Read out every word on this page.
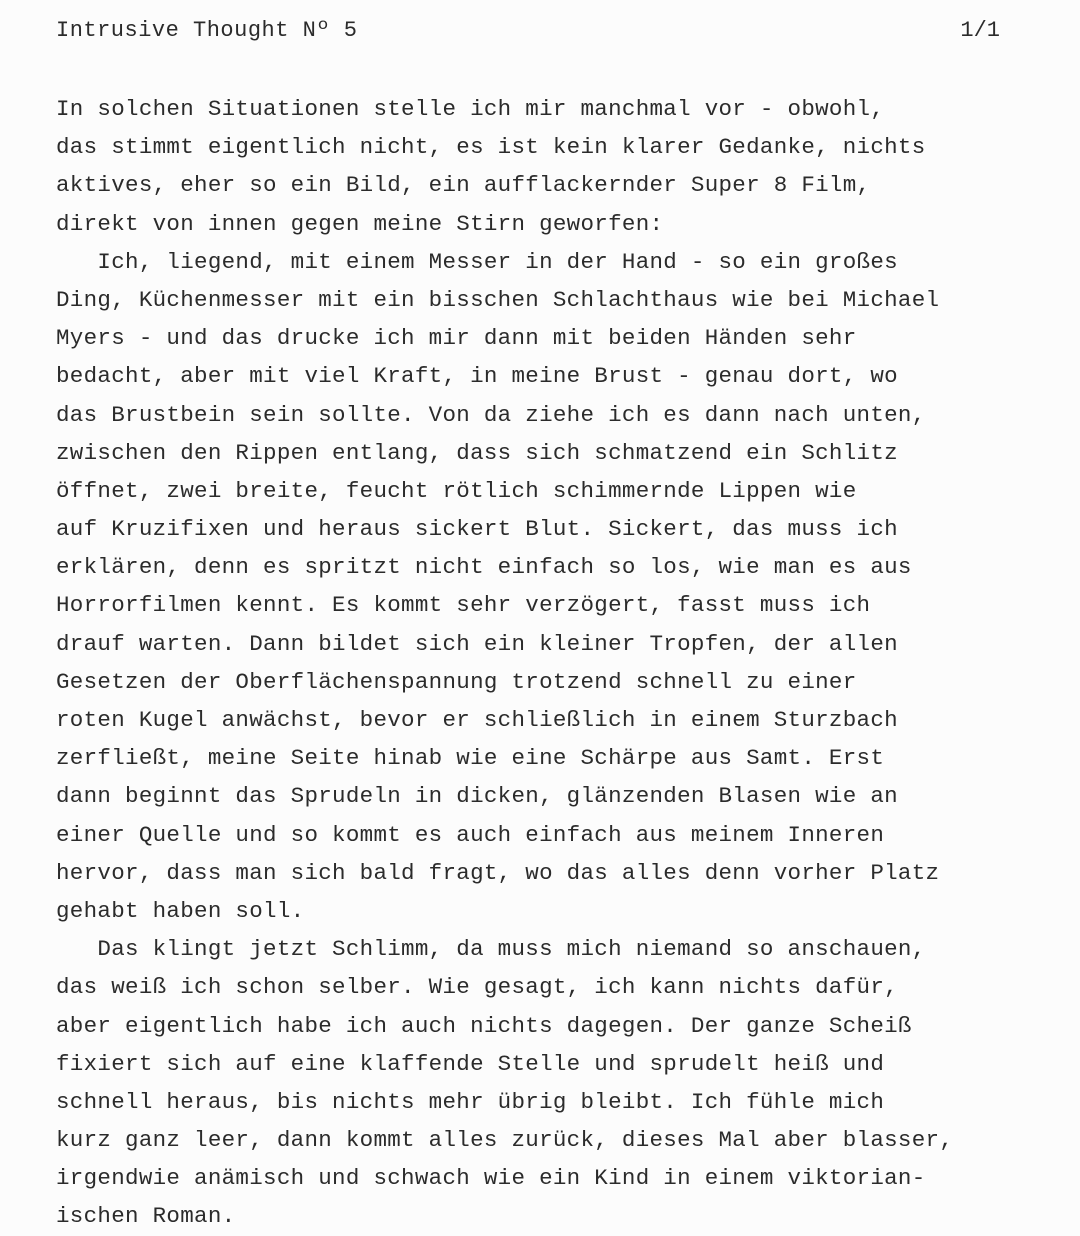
Intrusive Thought Nº 5	1/1
In solchen Situationen stelle ich mir manchmal vor - obwohl,
das stimmt eigentlich nicht, es ist kein klarer Gedanke, nichts
aktives, eher so ein Bild, ein aufflackernder Super 8 Film,
direkt von innen gegen meine Stirn geworfen:
Ich, liegend, mit einem Messer in der Hand - so ein großes
Ding, Küchenmesser mit ein bisschen Schlachthaus wie bei Michael
Myers - und das drucke ich mir dann mit beiden Händen sehr
bedacht, aber mit viel Kraft, in meine Brust - genau dort, wo
das Brustbein sein sollte. Von da ziehe ich es dann nach unten,
zwischen den Rippen entlang, dass sich schmatzend ein Schlitz
öffnet, zwei breite, feucht rötlich schimmernde Lippen wie
auf Kruzifixen und heraus sickert Blut. Sickert, das muss ich
erklären, denn es spritzt nicht einfach so los, wie man es aus
Horrorfilmen kennt. Es kommt sehr verzögert, fasst muss ich
drauf warten. Dann bildet sich ein kleiner Tropfen, der allen
Gesetzen der Oberflächenspannung trotzend schnell zu einer
roten Kugel anwächst, bevor er schließlich in einem Sturzbach
zerfließt, meine Seite hinab wie eine Schärpe aus Samt. Erst
dann beginnt das Sprudeln in dicken, glänzenden Blasen wie an
einer Quelle und so kommt es auch einfach aus meinem Inneren
hervor, dass man sich bald fragt, wo das alles denn vorher Platz
gehabt haben soll.
Das klingt jetzt Schlimm, da muss mich niemand so anschauen,
das weiß ich schon selber. Wie gesagt, ich kann nichts dafür,
aber eigentlich habe ich auch nichts dagegen. Der ganze Scheiß
fixiert sich auf eine klaffende Stelle und sprudelt heiß und
schnell heraus, bis nichts mehr übrig bleibt. Ich fühle mich
kurz ganz leer, dann kommt alles zurück, dieses Mal aber blasser,
irgendwie anämisch und schwach wie ein Kind in einem viktorian-
ischen Roman.
